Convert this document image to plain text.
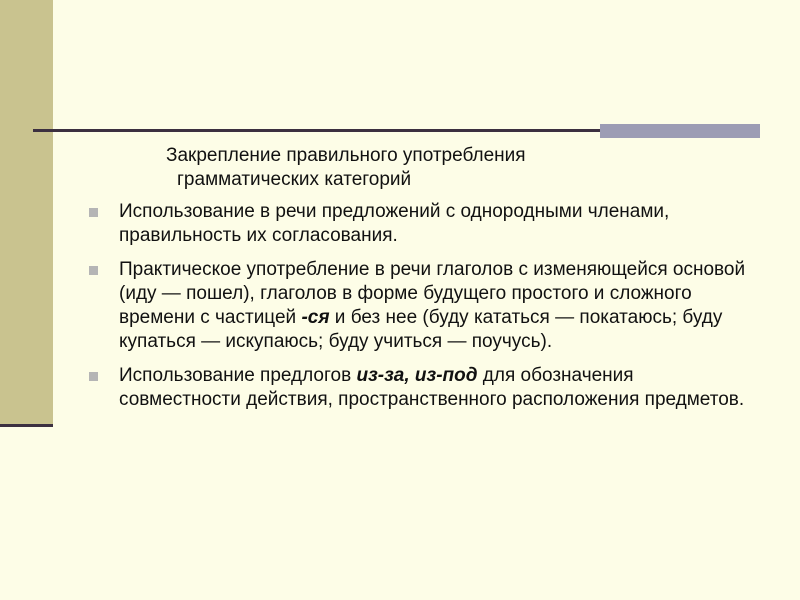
Закрепление правильного употребления
грамматических категорий

Использование в речи предложений с однородными членами, правильность их согласования.
Практическое употребление в речи глаголов с изменяющейся основой (иду — пошел), глаголов в форме будущего простого и сложного времени с частицей -ся и без нее (буду кататься — покатаюсь; буду купаться — искупаюсь; буду учиться — поучусь).
Использование предлогов из-за, из-под для обозначения совместности действия, пространственного расположения предметов.
